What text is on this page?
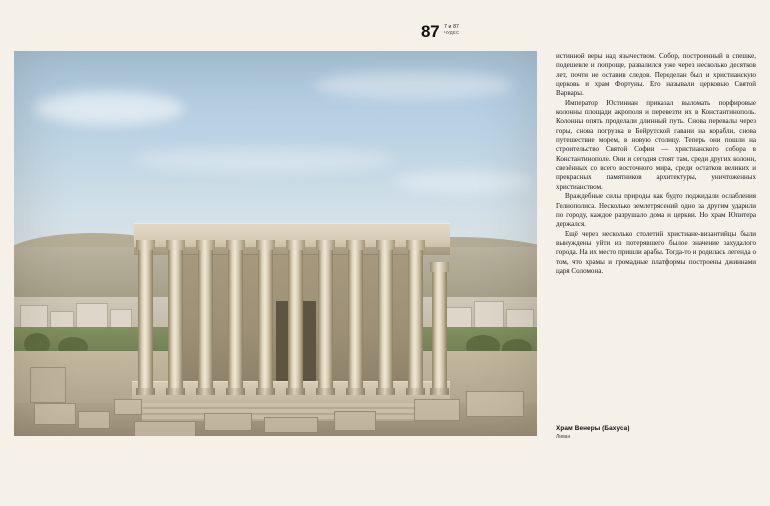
87 7 и 87
ЧУДЕС

истинной веры над язычеством. Собор, построенный в спешке, подешевле и попроще, развалился уже через несколько десятков лет, почти не оставив следов. Переделан был и христианскую церковь и храм Фортуны. Его называли церковью Святой Варвары.

Император Юстиниан приказал выломать порфировые колонны площади акрополя и перевезти их в Константинополь. Колонны опять проделали длинный путь. Снова перевалы через горы, снова погрузка в Бейрутской гавани на корабли, снова путешествие морем, в новую столицу. Теперь они пошли на строительство Святой Софии — христианского собора в Константинополе. Они и сегодня стоят там, среди других колонн, свезённых со всего восточного мира, среди остатков великих и прекрасных памятников архитектуры, уничтоженных христианством.

Враждебные силы природы как будто поджидали ослабления Гелиополиса. Несколько землетрясений одно за другим ударили по городу, каждое разрушало дома и церкви. Но храм Юпитера держался.

Ещё через несколько столетий христиане-византийцы были вынуждены уйти из потерявшего былое значение захудалого города. На их место пришли арабы. Тогда-то и родилась легенда о том, что храмы и громадные платформы построены джиннами царя Соломона.

Храм Венеры (Бахуса)
Ливан
